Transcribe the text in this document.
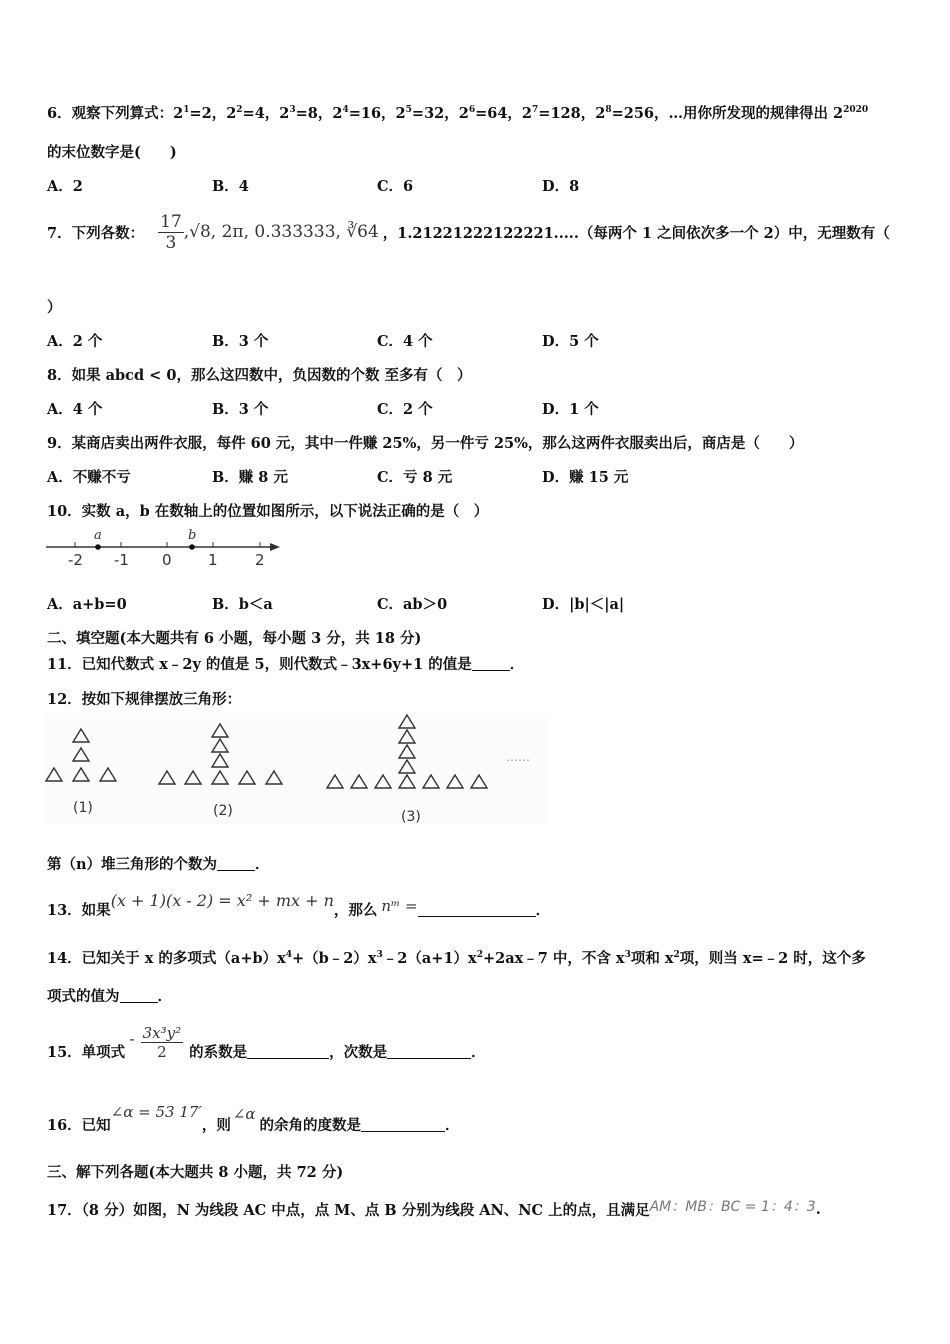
6．观察下列算式：$2^1=2$，$2^2=4$，$2^3=8$，$2^4=16$，$2^5=32$，$2^6=64$，$2^7=128$，$2^8=256$，…用你所发现的规律得出 $2^{2020}$
的末位数字是(　　)
A．2	B．4	C．6	D．8
7．下列各数： $\frac{17}{3} ,√8$, 2π, 0.333333, ∛64 ，1.21221222122221.....（每两个 1 之间依次多一个 2）中，无理数有（
）
A．2 个	B．3 个	C．4 个	D．5 个
8．如果 abcd < 0，那么这四数中，负因数的个数 至多有（　）
A．4 个	B．3 个	C．2 个	D．1 个
9．某商店卖出两件衣服，每件 60 元，其中一件赚 25%，另一件亏 25%，那么这两件衣服卖出后，商店是（　　）
A．不赚不亏	B．赚 8 元	C．亏 8 元	D．赚 15 元
10．实数 a，b 在数轴上的位置如图所示，以下说法正确的是（　）
a	b
-2 -1 0 1 2
A．a+b=0	B．b＜a	C．ab＞0	D．|b|＜|a|
二、填空题(本大题共有 6 小题，每小题 3 分，共 18 分)
11．已知代数式 x﹣2y 的值是 5，则代数式﹣3x+6y+1 的值是	．
12．按如下规律摆放三角形：
(1)	(2)	(3)
……
第（n）堆三角形的个数为	．
13．如果
(x + 1)(x - 2) = x² + mx + n
，那么 nᵐ =	．
14．已知关于 x 的多项式$(a+b)x^4+(b﹣2)x^3﹣2(a+1)x^2+2ax﹣7$ 中，不含 $x^3$项和 $x^2$项，则当 x=﹣2 时，这个多
项式的值为	．
15．单项式
- $\frac{\text{3x³y²}}{2}$ 的系数是	，次数是	．
16．已知
∠α = 53 17′
，则
∠α
的余角的度数是	．
三、解下列各题(本大题共 8 小题，共 72 分)
17．（8 分）如图，N 为线段 AC 中点，点 M、点 B 分别为线段 AN、NC 上的点，且满足 AM：MB：BC = 1：4：3 .
